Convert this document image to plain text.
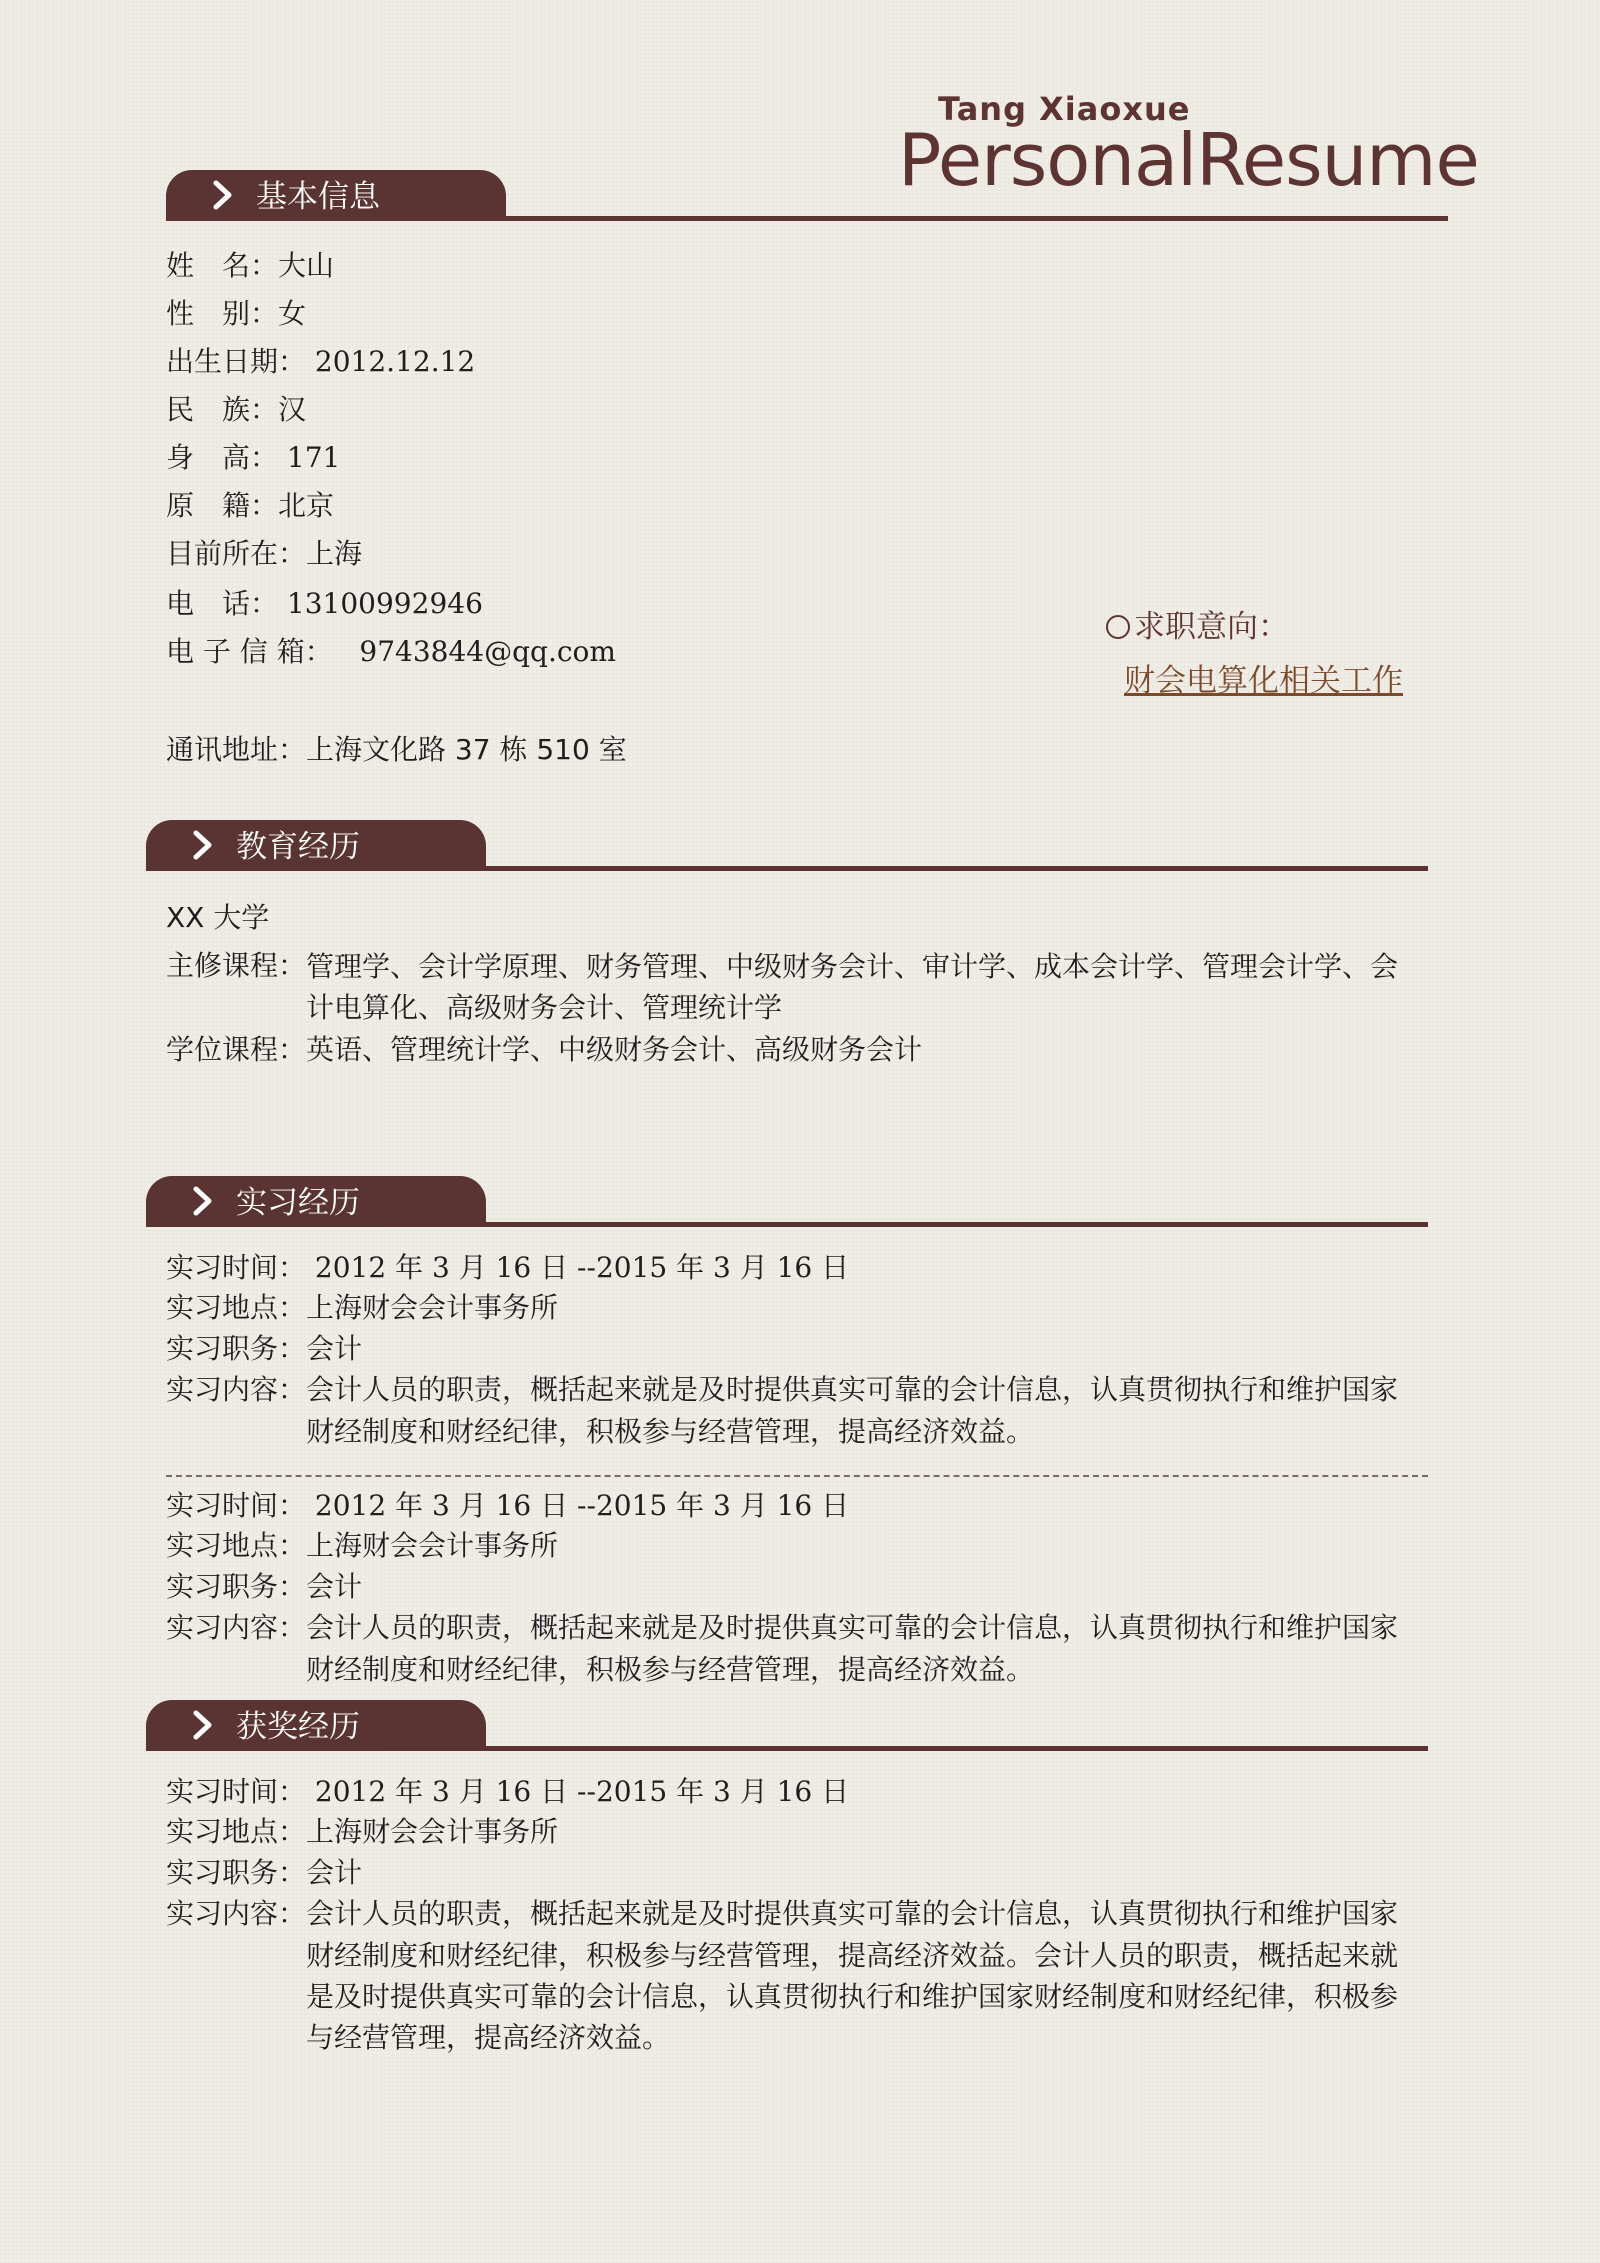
Tang Xiaoxue
PersonalResume
基本信息
姓　名：大山
性　别：女
出生日期： 2012.12.12
民　族：汉
身　高： 171
原　籍：北京
目前所在：上海
电　话： 13100992946
电 子 信 箱： 9743844@qq.com
通讯地址：上海文化路 37 栋 510 室
求职意向：
财会电算化相关工作
教育经历
XX 大学
主修课程： 管理学、会计学原理、财务管理、中级财务会计、审计学、成本会计学、管理会计学、会计电算化、高级财务会计、管理统计学
学位课程：英语、管理统计学、中级财务会计、高级财务会计
实习经历
实习时间： 2012 年 3 月 16 日 --2015 年 3 月 16 日
实习地点：上海财会会计事务所
实习职务：会计
实习内容：会计人员的职责，概括起来就是及时提供真实可靠的会计信息，认真贯彻执行和维护国家
财经制度和财经纪律，积极参与经营管理，提高经济效益。
实习时间： 2012 年 3 月 16 日 --2015 年 3 月 16 日
实习地点：上海财会会计事务所
实习职务：会计
实习内容：会计人员的职责，概括起来就是及时提供真实可靠的会计信息，认真贯彻执行和维护国家
财经制度和财经纪律，积极参与经营管理，提高经济效益。
获奖经历
实习时间： 2012 年 3 月 16 日 --2015 年 3 月 16 日
实习地点：上海财会会计事务所
实习职务：会计
实习内容：会计人员的职责，概括起来就是及时提供真实可靠的会计信息，认真贯彻执行和维护国家
财经制度和财经纪律，积极参与经营管理，提高经济效益。会计人员的职责，概括起来就
是及时提供真实可靠的会计信息，认真贯彻执行和维护国家财经制度和财经纪律，积极参
与经营管理，提高经济效益。
